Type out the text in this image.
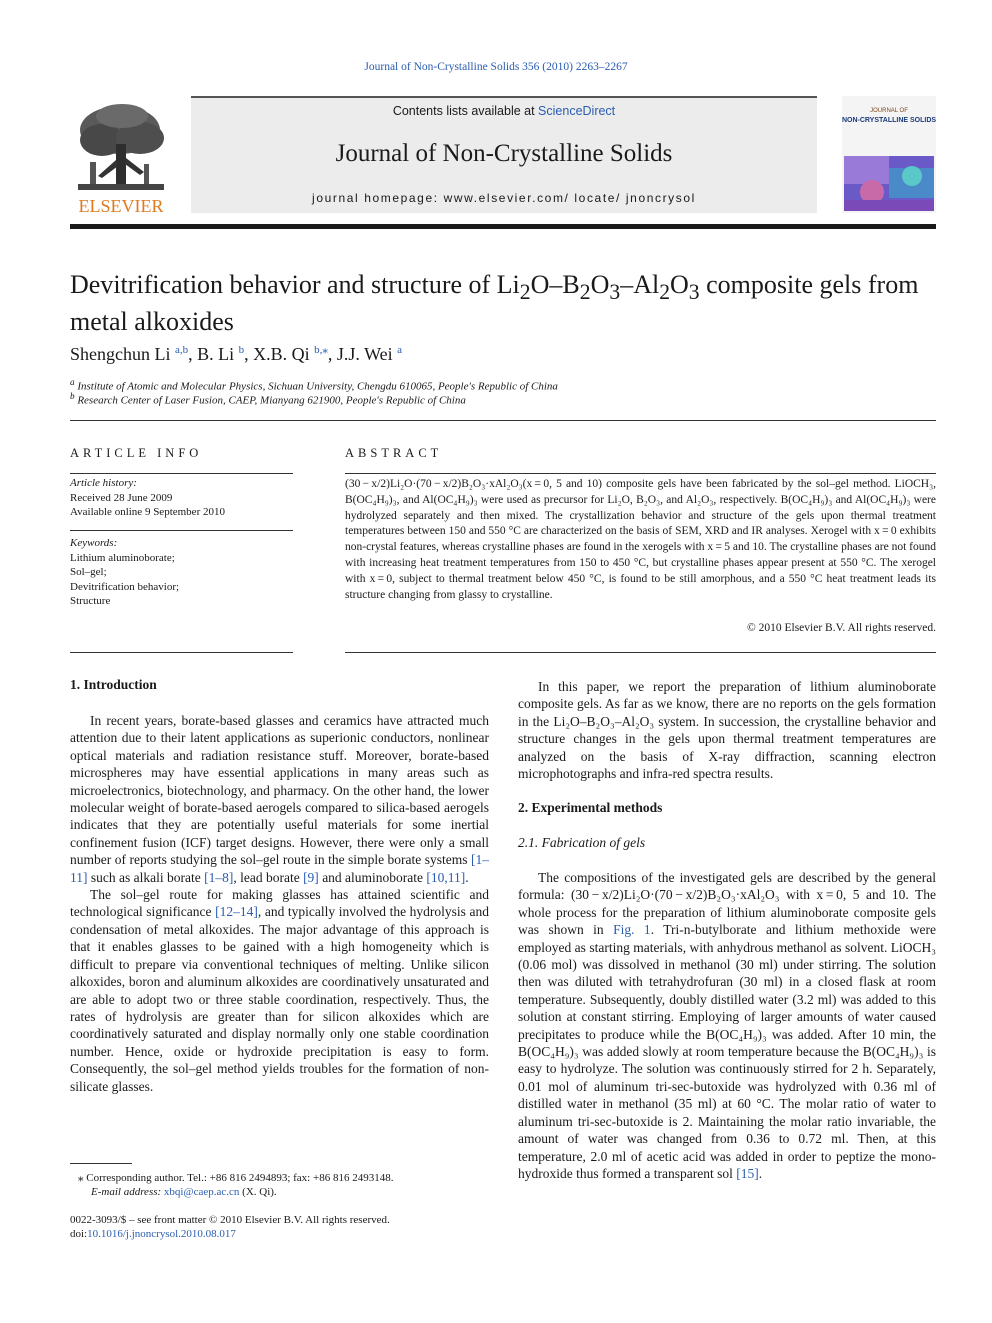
Journal of Non-Crystalline Solids 356 (2010) 2263–2267
Contents lists available at ScienceDirect
Journal of Non-Crystalline Solids
journal homepage: www.elsevier.com/ locate/ jnoncrysol
ELSEVIER
JOURNAL OF
NON-CRYSTALLINE SOLIDS
Devitrification behavior and structure of $Li_2O-B_2O_3-Al_2O_3$ composite gels from
metal alkoxides
Shengchun Li $^{a,b}$, B. Li $^b$, X.B. Qi $^{b,⁎}$, J.J. Wei $^a$
$^a$ Institute of Atomic and Molecular Physics, Sichuan University, Chengdu 610065, People's Republic of China
$^b$ Research Center of Laser Fusion, CAEP, Mianyang 621900, People's Republic of China
ARTICLE INFO	ABSTRACT
Article history:
Received 28 June 2009
Available online 9 September 2010
Keywords:
Lithium aluminoborate;
Sol–gel;
Devitrification behavior;
Structure
(30 − x/2)Li₂O·(70 − x/2)B₂O₃·xAl₂O₃(x = 0, 5 and 10) composite gels have been fabricated by the sol–gel method. LiOCH₃, B(OC₄H₉)₃, and Al(OC₄H₉)₃ were used as precursor for Li₂O, B₂O₃, and Al₂O₃, respectively. B(OC₄H₉)₃ and Al(OC₄H₉)₃ were hydrolyzed separately and then mixed. The crystallization behavior and structure of the gels upon thermal treatment temperatures between 150 and 550 °C are characterized on the basis of SEM, XRD and IR analyses. Xerogel with x = 0 exhibits non-crystal features, whereas crystalline phases are found in the xerogels with x = 5 and 10. The crystalline phases are not found with increasing heat treatment temperatures from 150 to 450 °C, but crystalline phases appear present at 550 °C. The xerogel with x = 0, subject to thermal treatment below 450 °C, is found to be still amorphous, and a 550 °C heat treatment leads its structure changing from glassy to crystalline.
© 2010 Elsevier B.V. All rights reserved.
1. Introduction

In recent years, borate-based glasses and ceramics have attracted much attention due to their latent applications as superionic conductors, nonlinear optical materials and radiation resistance stuff. Moreover, borate-based microspheres may have essential applications in many areas such as microelectronics, biotechnology, and pharmacy. On the other hand, the lower molecular weight of borate-based aerogels compared to silica-based aerogels indicates that they are potentially useful materials for some inertial confinement fusion (ICF) target designs. However, there were only a small number of reports studying the sol–gel route in the simple borate systems [1–11] such as alkali borate [1–8], lead borate [9] and aluminoborate [10,11].

The sol–gel route for making glasses has attained scientific and technological significance [12–14], and typically involved the hydrolysis and condensation of metal alkoxides. The major advantage of this approach is that it enables glasses to be gained with a high homogeneity which is difficult to prepare via conventional techniques of melting. Unlike silicon alkoxides, boron and aluminum alkoxides are coordinatively unsaturated and are able to adopt two or three stable coordination, respectively. Thus, the rates of hydrolysis are greater than for silicon alkoxides which are coordinatively saturated and display normally only one stable coordination number. Hence, oxide or hydroxide precipitation is easy to form. Consequently, the sol–gel method yields troubles for the formation of non-silicate glasses.

In this paper, we report the preparation of lithium aluminoborate composite gels. As far as we know, there are no reports on the gels formation in the Li₂O–B₂O₃–Al₂O₃ system. In succession, the crystalline behavior and structure changes in the gels upon thermal treatment temperatures are analyzed on the basis of X-ray diffraction, scanning electron microphotographs and infra-red spectra results.

2. Experimental methods
2.1. Fabrication of gels

The compositions of the investigated gels are described by the general formula: (30 − x/2)Li₂O·(70 − x/2)B₂O₃·xAl₂O₃ with x = 0, 5 and 10. The whole process for the preparation of lithium aluminoborate composite gels was shown in Fig. 1. Tri-n-butylborate and lithium methoxide were employed as starting materials, with anhydrous methanol as solvent. LiOCH₃ (0.06 mol) was dissolved in methanol (30 ml) under stirring. The solution then was diluted with tetrahydrofuran (30 ml) in a closed flask at room temperature. Subsequently, doubly distilled water (3.2 ml) was added to this solution at constant stirring. Employing of larger amounts of water caused precipitates to produce while the B(OC₄H₉)₃ was added. After 10 min, the B(OC₄H₉)₃ was added slowly at room temperature because the B(OC₄H₉)₃ is easy to hydrolyze. The solution was continuously stirred for 2 h. Separately, 0.01 mol of aluminum tri-sec-butoxide was hydrolyzed with 0.36 ml of distilled water in methanol (35 ml) at 60 °C. The molar ratio of water to aluminum tri-sec-butoxide is 2. Maintaining the molar ratio invariable, the amount of water was changed from 0.36 to 0.72 ml. Then, at this temperature, 2.0 ml of acetic acid was added in order to peptize the mono-hydroxide thus formed a transparent sol [15].

⁎ Corresponding author. Tel.: +86 816 2494893; fax: +86 816 2493148.
E-mail address: xbqi@caep.ac.cn (X. Qi).
0022-3093/$ – see front matter © 2010 Elsevier B.V. All rights reserved.
doi:10.1016/j.jnoncrysol.2010.08.017
